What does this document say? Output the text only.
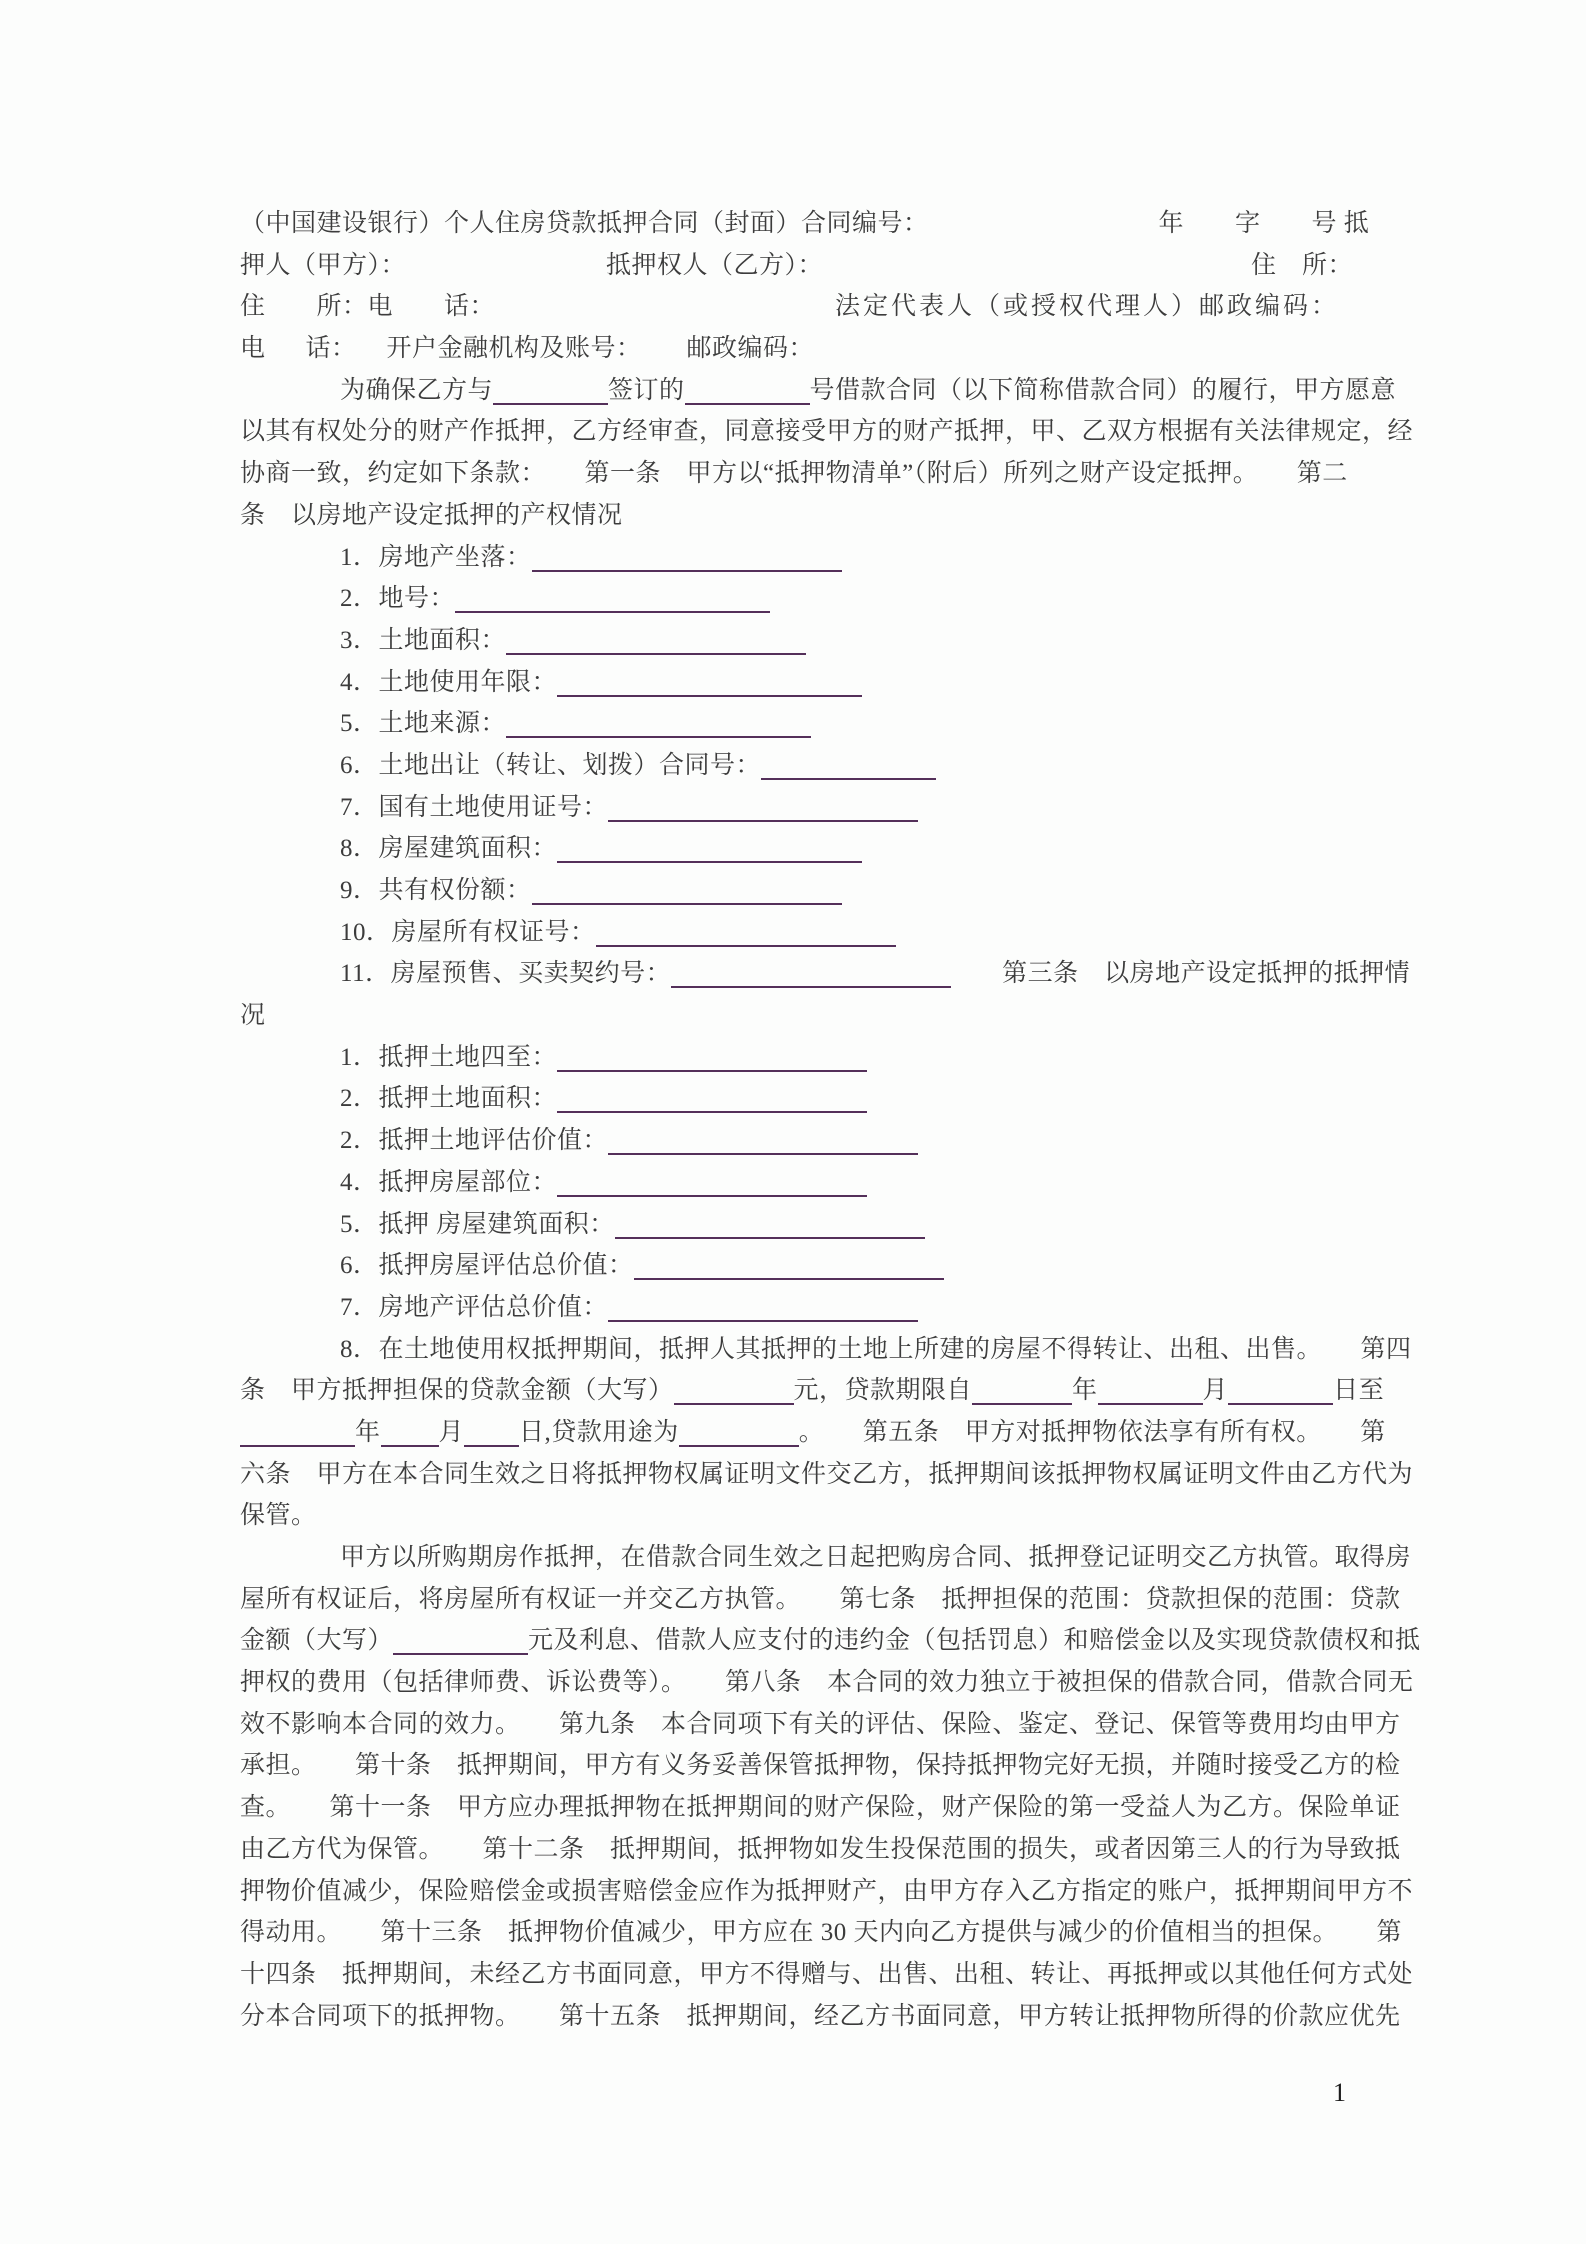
（中国建设银行）个人住房贷款抵押合同（封面）合同编号：	年　　字　　号 抵
押人（甲方）：	抵押权人（乙方）：	住　所：
住　　所：电　　话：	法定代表人（或授权代理人）邮政编码：
电 话： 开户金融机构及账号： 邮政编码：
为确保乙方与	签订的	号借款合同（以下简称借款合同）的履行，甲方愿意
以其有权处分的财产作抵押，乙方经审查，同意接受甲方的财产抵押，甲、乙双方根据有关法律规定，经
协商一致，约定如下条款：　　第一条　甲方以“抵押物清单”（附后）所列之财产设定抵押。　　第二
条　以房地产设定抵押的产权情况
1．房地产坐落：
2．地号：
3．土地面积：
4．土地使用年限：
5．土地来源：
6．土地出让（转让、划拨）合同号：
7．国有土地使用证号：
8．房屋建筑面积：
9．共有权份额：
10．房屋所有权证号：
11．房屋预售、买卖契约号：	　　第三条　以房地产设定抵押的抵押情
况
1．抵押土地四至：
2．抵押土地面积：
2．抵押土地评估价值：
4．抵押房屋部位：
5．抵押 房屋建筑面积：
6．抵押房屋评估总价值：
7．房地产评估总价值：
8．在土地使用权抵押期间，抵押人其抵押的土地上所建的房屋不得转让、出租、出售。　　第四
条　甲方抵押担保的贷款金额（大写）	元，贷款期限自	年	月	日至
年 月 日,贷款用途为	。　　第五条　甲方对抵押物依法享有所有权。　　第
六条　甲方在本合同生效之日将抵押物权属证明文件交乙方，抵押期间该抵押物权属证明文件由乙方代为
保管。
甲方以所购期房作抵押，在借款合同生效之日起把购房合同、抵押登记证明交乙方执管。取得房
屋所有权证后，将房屋所有权证一并交乙方执管。　　第七条　抵押担保的范围：贷款担保的范围：贷款
金额（大写）	元及利息、借款人应支付的违约金（包括罚息）和赔偿金以及实现贷款债权和抵
押权的费用（包括律师费、诉讼费等）。　　第八条　本合同的效力独立于被担保的借款合同，借款合同无
效不影响本合同的效力。　　第九条　本合同项下有关的评估、保险、鉴定、登记、保管等费用均由甲方
承担。　　第十条　抵押期间，甲方有义务妥善保管抵押物，保持抵押物完好无损，并随时接受乙方的检
查。　　第十一条　甲方应办理抵押物在抵押期间的财产保险，财产保险的第一受益人为乙方。保险单证
由乙方代为保管。　　第十二条　抵押期间，抵押物如发生投保范围的损失，或者因第三人的行为导致抵
押物价值减少，保险赔偿金或损害赔偿金应作为抵押财产，由甲方存入乙方指定的账户，抵押期间甲方不
得动用。　　第十三条　抵押物价值减少，甲方应在 30 天内向乙方提供与减少的价值相当的担保。　　第
十四条　抵押期间，未经乙方书面同意，甲方不得赠与、出售、出租、转让、再抵押或以其他任何方式处
分本合同项下的抵押物。　　第十五条　抵押期间，经乙方书面同意，甲方转让抵押物所得的价款应优先
1
